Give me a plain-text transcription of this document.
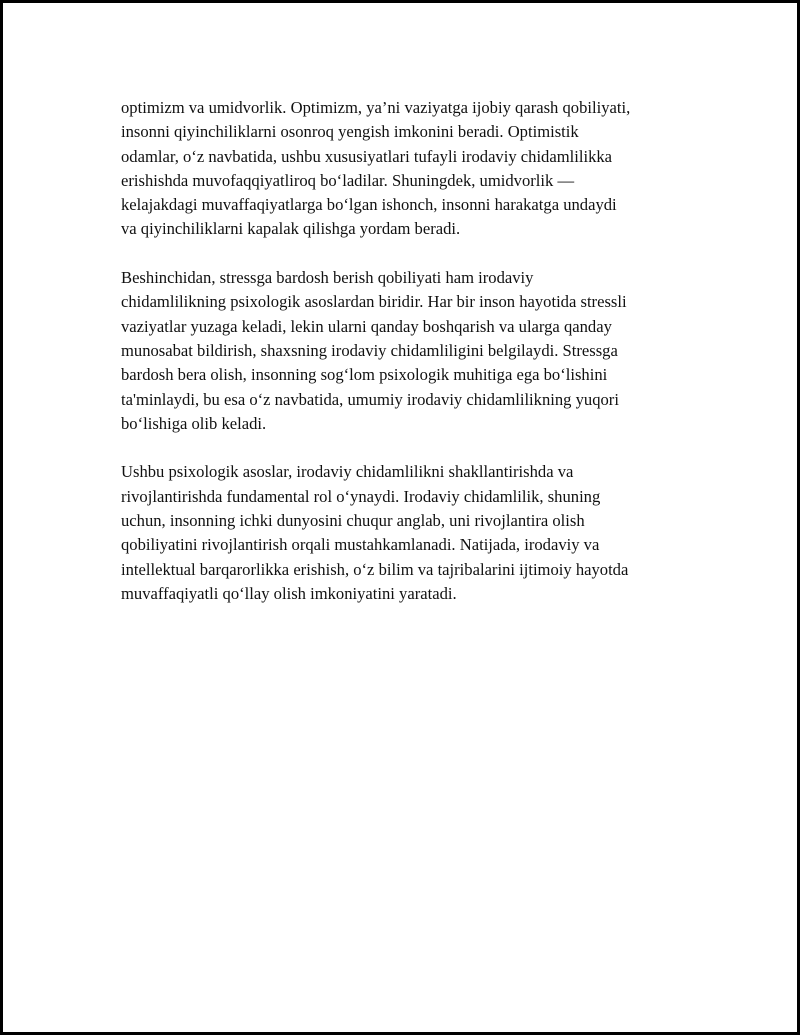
optimizm va umidvorlik. Optimizm, ya’ni vaziyatga ijobiy qarash qobiliyati,
insonni qiyinchiliklarni osonroq yengish imkonini beradi. Optimistik
odamlar, o‘z navbatida, ushbu xususiyatlari tufayli irodaviy chidamlilikka
erishishda muvofaqqiyatliroq bo‘ladilar. Shuningdek, umidvorlik —
kelajakdagi muvaffaqiyatlarga bo‘lgan ishonch, insonni harakatga undaydi
va qiyinchiliklarni kapalak qilishga yordam beradi.

Beshinchidan, stressga bardosh berish qobiliyati ham irodaviy
chidamlilikning psixologik asoslardan biridir. Har bir inson hayotida stressli
vaziyatlar yuzaga keladi, lekin ularni qanday boshqarish va ularga qanday
munosabat bildirish, shaxsning irodaviy chidamliligini belgilaydi. Stressga
bardosh bera olish, insonning sog‘lom psixologik muhitiga ega bo‘lishini
ta'minlaydi, bu esa o‘z navbatida, umumiy irodaviy chidamlilikning yuqori
bo‘lishiga olib keladi.

Ushbu psixologik asoslar, irodaviy chidamlilikni shakllantirishda va
rivojlantirishda fundamental rol o‘ynaydi. Irodaviy chidamlilik, shuning
uchun, insonning ichki dunyosini chuqur anglab, uni rivojlantira olish
qobiliyatini rivojlantirish orqali mustahkamlanadi. Natijada, irodaviy va
intellektual barqarorlikka erishish, o‘z bilim va tajribalarini ijtimoiy hayotda
muvaffaqiyatli qo‘llay olish imkoniyatini yaratadi.
